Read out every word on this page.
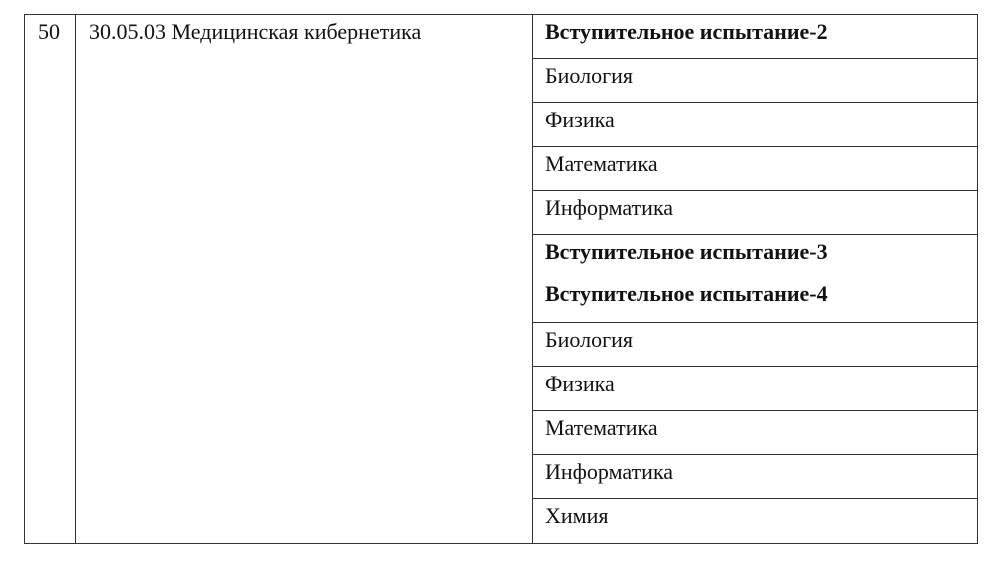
50	30.05.03 Медицинская кибернетика	Вступительное испытание-2
Биология
Физика
Математика
Информатика
Вступительное испытание-3
Вступительное испытание-4
Биология
Физика
Математика
Информатика
Химия
